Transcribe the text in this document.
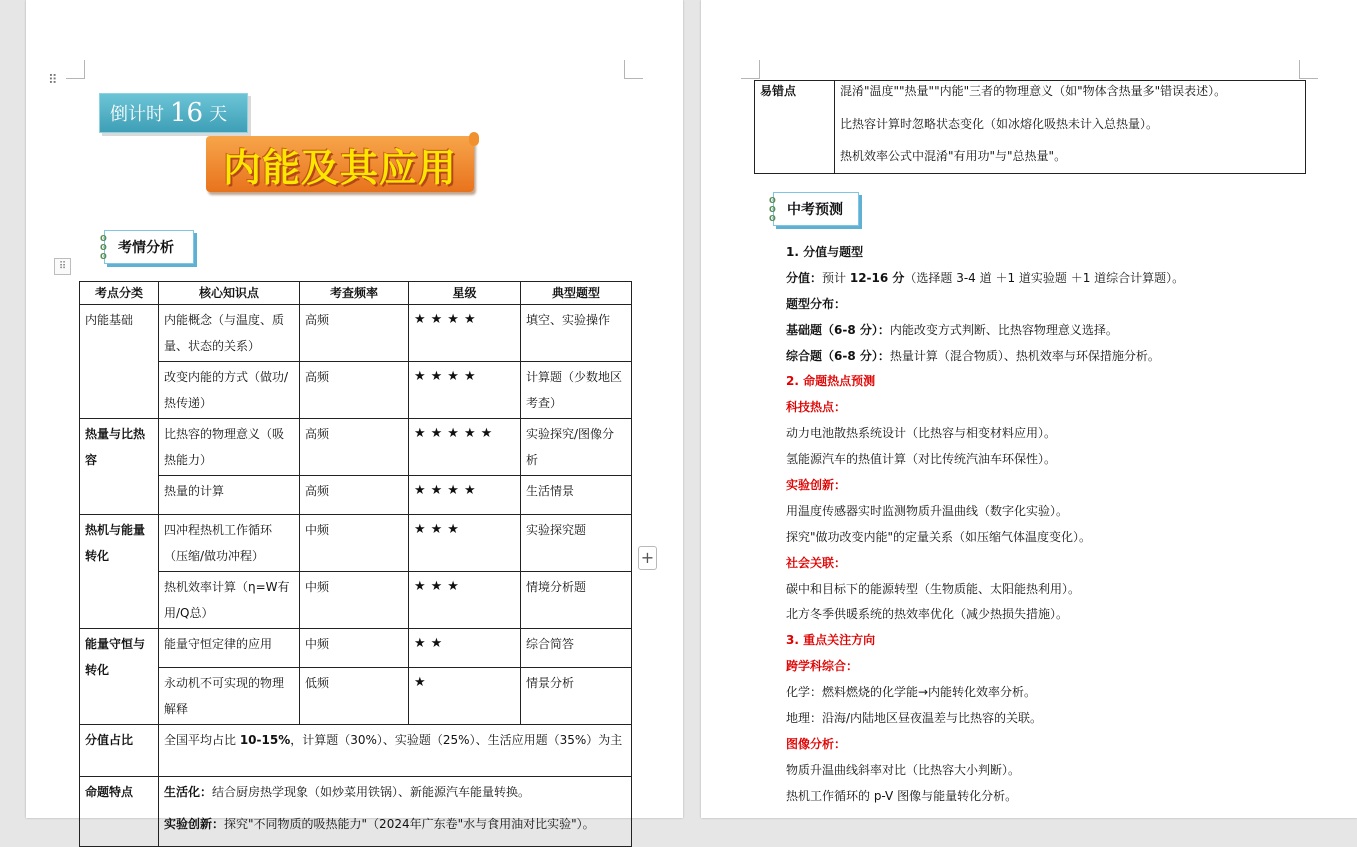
⠿
倒计时 16 天
内能及其应用
ʘ
ʘ
ʘ
考情分析
⠿
考点分类	核心知识点	考查频率	星级	典型题型
内能基础	内能概念（与温度、质量、状态的关系）	高频	★★★★	填空、实验操作
	改变内能的方式（做功/热传递）	高频	★★★★	计算题（少数地区考查）
热量与比热容	比热容的物理意义（吸热能力）	高频	★★★★★	实验探究/图像分析
	热量的计算	高频	★★★★	生活情景
热机与能量转化	四冲程热机工作循环（压缩/做功冲程）	中频	★★★	实验探究题
	热机效率计算（η=W有用/Q总）	中频	★★★	情境分析题
能量守恒与转化	能量守恒定律的应用	中频	★★	综合简答
	永动机不可实现的物理解释	低频	★	情景分析
分值占比	全国平均占比 10-15%，计算题（30%）、实验题（25%）、生活应用题（35%）为主			
命题特点	生活化：结合厨房热学现象（如炒菜用铁锅）、新能源汽车能量转换。
实验创新：探究"不同物质的吸热能力"（2024年广东卷"水与食用油对比实验"）。			
+
易错点	混淆"温度""热量""内能"三者的物理意义（如"物体含热量多"错误表述）。

比热容计算时忽略状态变化（如冰熔化吸热未计入总热量）。

热机效率公式中混淆"有用功"与"总热量"。

ʘ
ʘ
ʘ
中考预测

1. 分值与题型

分值：预计 12-16 分（选择题 3-4 道 ＋1 道实验题 ＋1 道综合计算题）。

题型分布：

基础题（6-8 分）：内能改变方式判断、比热容物理意义选择。

综合题（6-8 分）：热量计算（混合物质）、热机效率与环保措施分析。

2. 命题热点预测

科技热点：

动力电池散热系统设计（比热容与相变材料应用）。

氢能源汽车的热值计算（对比传统汽油车环保性）。

实验创新：

用温度传感器实时监测物质升温曲线（数字化实验）。

探究"做功改变内能"的定量关系（如压缩气体温度变化）。

社会关联：

碳中和目标下的能源转型（生物质能、太阳能热利用）。

北方冬季供暖系统的热效率优化（减少热损失措施）。

3. 重点关注方向

跨学科综合：

化学：燃料燃烧的化学能→内能转化效率分析。

地理：沿海/内陆地区昼夜温差与比热容的关联。

图像分析：

物质升温曲线斜率对比（比热容大小判断）。

热机工作循环的 p-V 图像与能量转化分析。
